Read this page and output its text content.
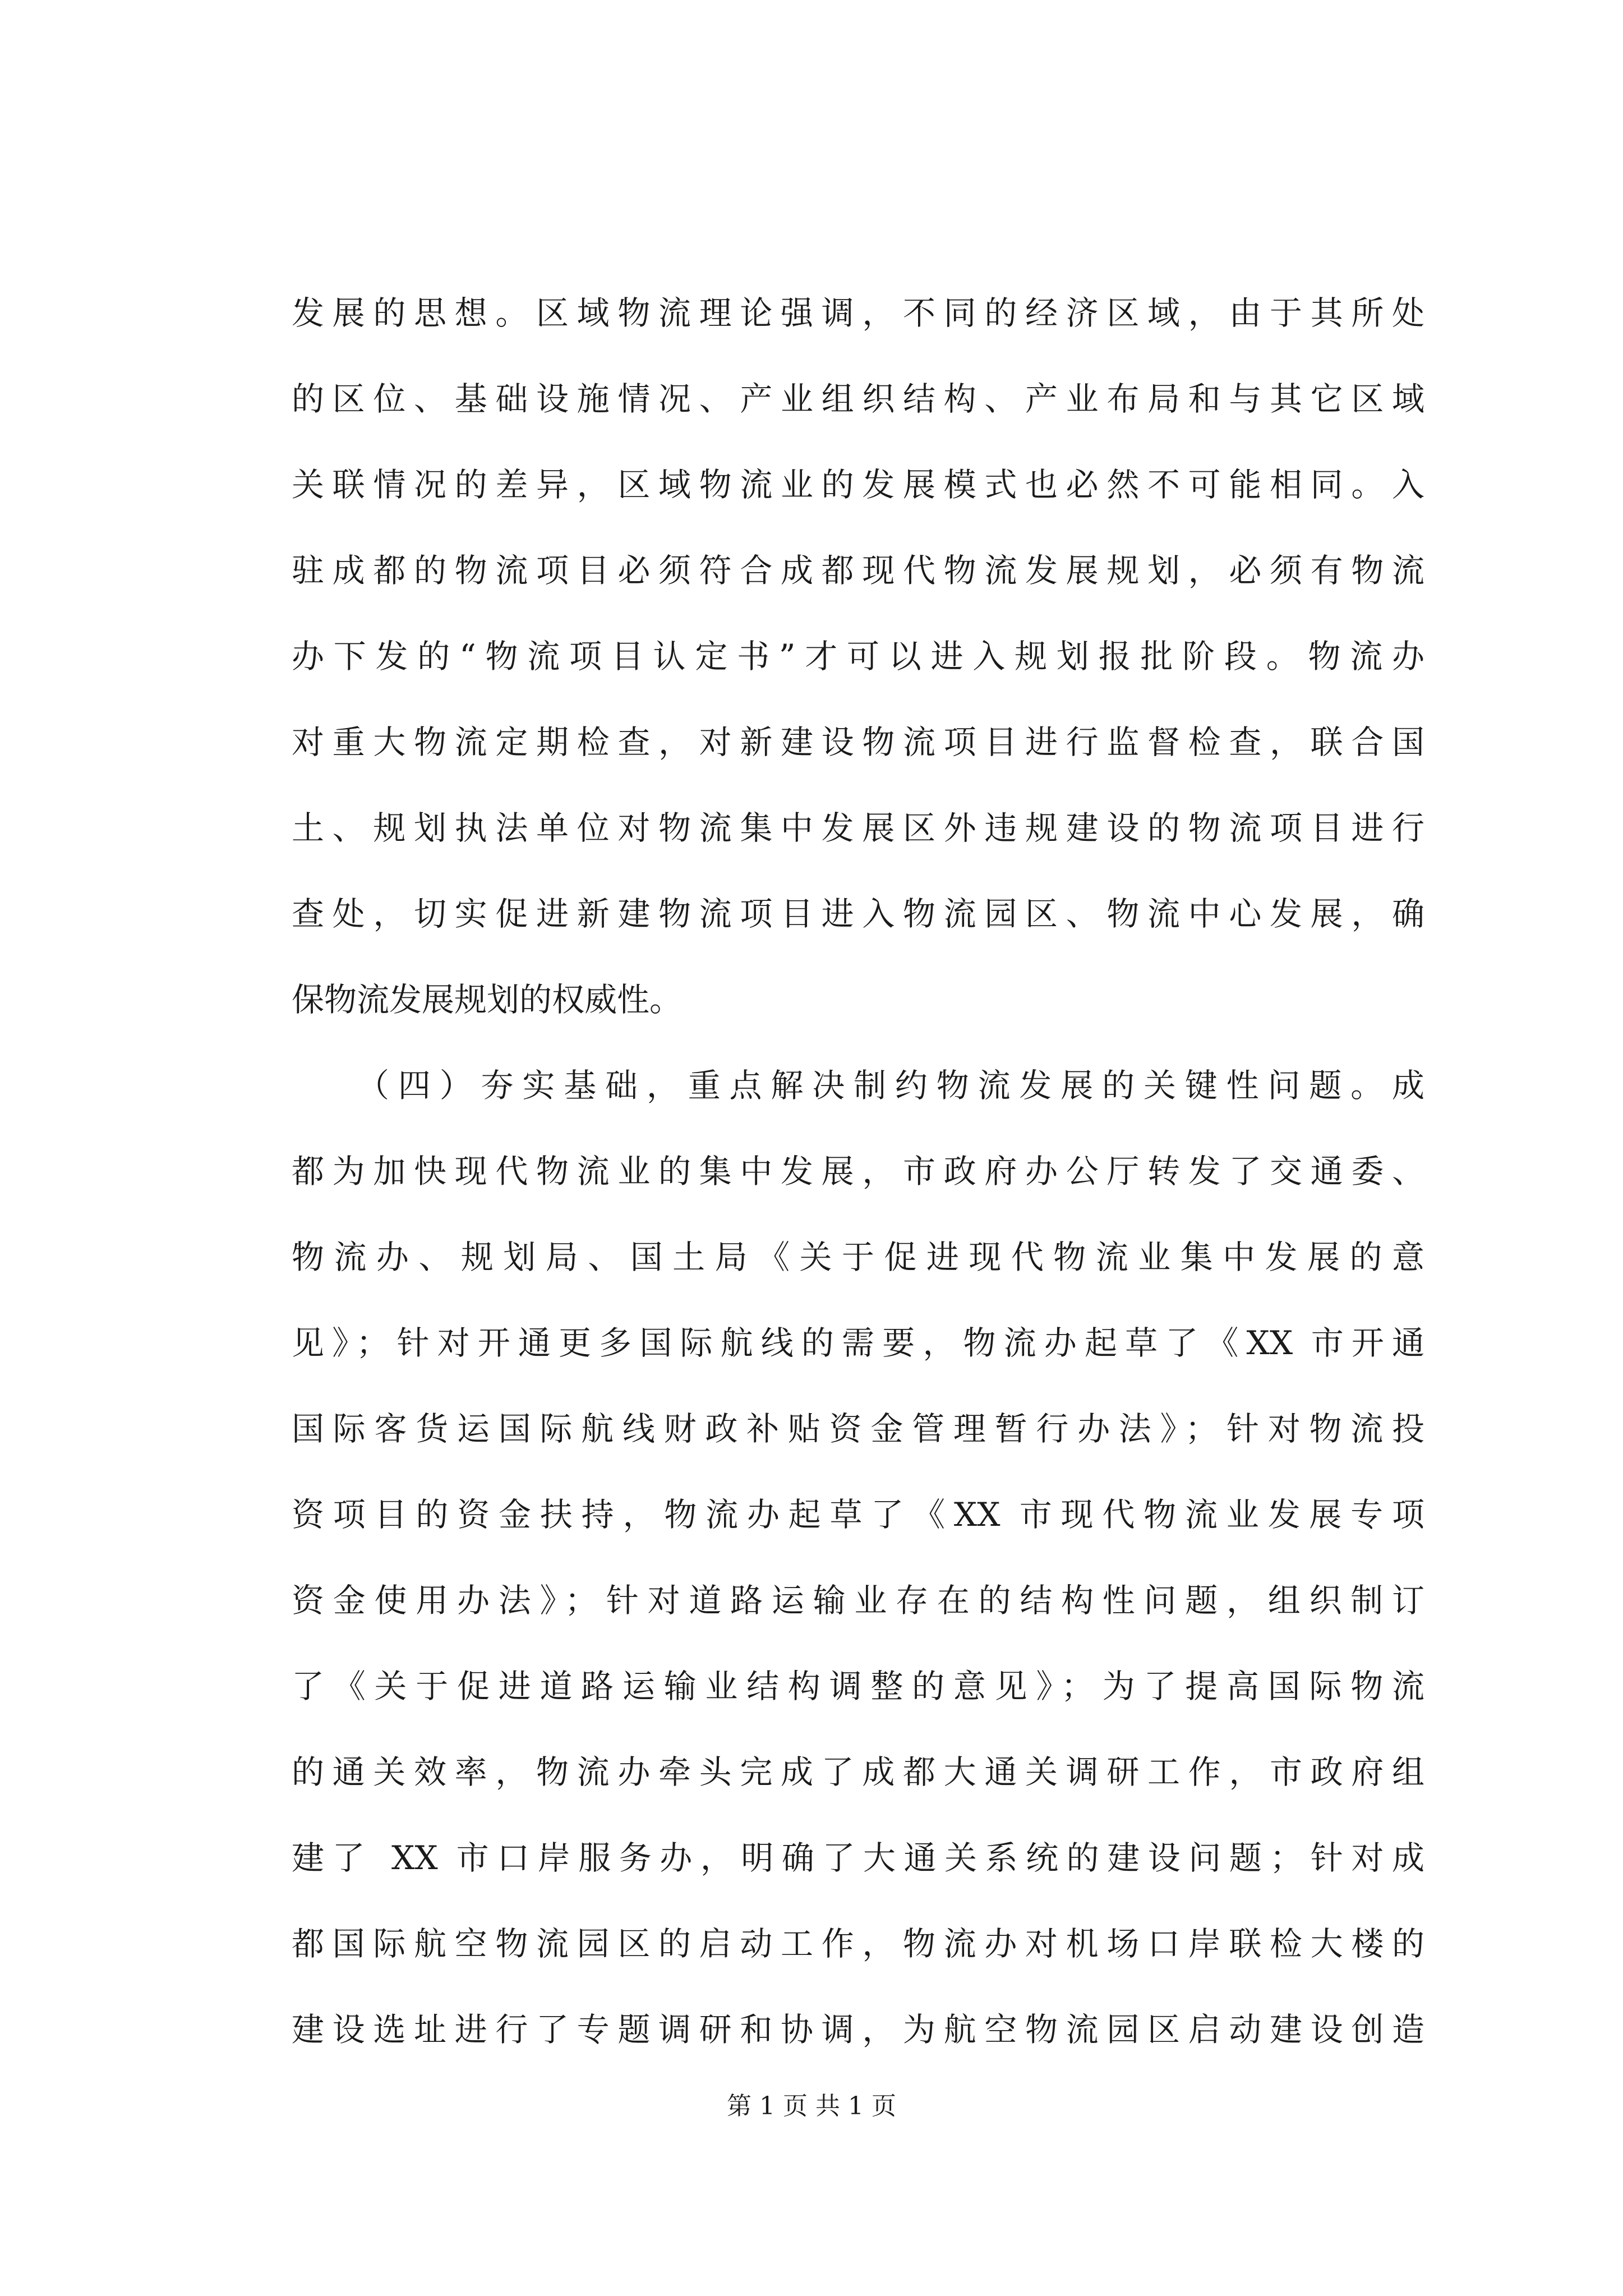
发展的思想。区域物流理论强调，不同的经济区域，由于其所处
的区位、基础设施情况、产业组织结构、产业布局和与其它区域
关联情况的差异，区域物流业的发展模式也必然不可能相同。入
驻成都的物流项目必须符合成都现代物流发展规划，必须有物流
办下发的“物流项目认定书”才可以进入规划报批阶段。物流办
对重大物流定期检查，对新建设物流项目进行监督检查，联合国
土、规划执法单位对物流集中发展区外违规建设的物流项目进行
查处，切实促进新建物流项目进入物流园区、物流中心发展，确
保物流发展规划的权威性。
（四）夯实基础，重点解决制约物流发展的关键性问题。成
都为加快现代物流业的集中发展，市政府办公厅转发了交通委、
物流办、规划局、国土局《关于促进现代物流业集中发展的意
见》；针对开通更多国际航线的需要，物流办起草了《XX 市开通
国际客货运国际航线财政补贴资金管理暂行办法》；针对物流投
资项目的资金扶持，物流办起草了《XX 市现代物流业发展专项
资金使用办法》；针对道路运输业存在的结构性问题，组织制订
了《关于促进道路运输业结构调整的意见》；为了提高国际物流
的通关效率，物流办牵头完成了成都大通关调研工作，市政府组
建了 XX 市口岸服务办，明确了大通关系统的建设问题；针对成
都国际航空物流园区的启动工作，物流办对机场口岸联检大楼的
建设选址进行了专题调研和协调，为航空物流园区启动建设创造
第 1 页 共 1 页
